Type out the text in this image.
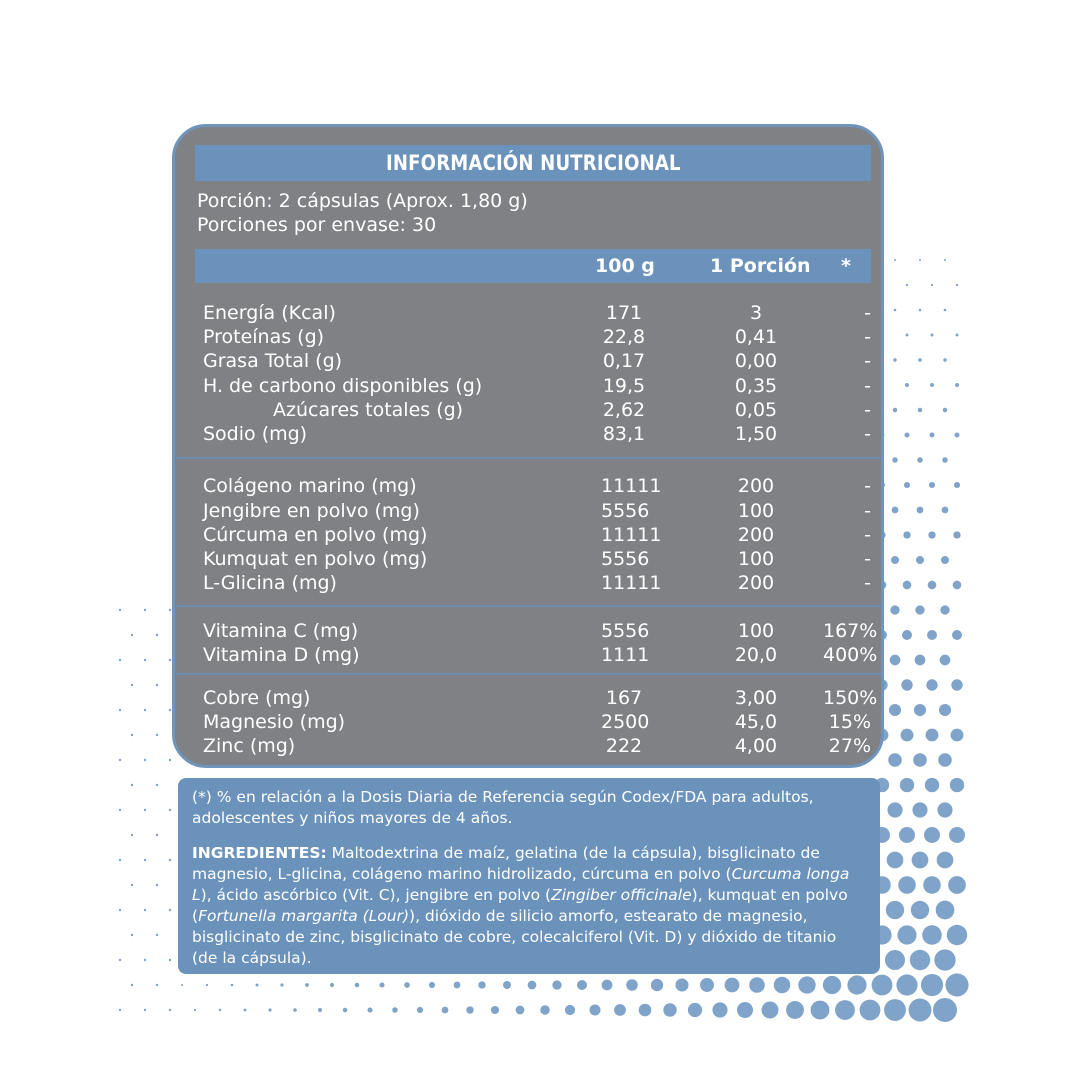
INFORMACIÓN NUTRICIONAL
Porción: 2 cápsulas (Aprox. 1,80 g)
Porciones por envase: 30
100 g	1 Porción *
Energía (Kcal)	171	3	-
Proteínas (g)	22,8	0,41	-
Grasa Total (g)	0,17	0,00	-
H. de carbono disponibles (g)	19,5	0,35	-
Azúcares totales (g)	2,62	0,05	-
Sodio (mg)	83,1	1,50	-
Colágeno marino (mg)	11111	200	-
Jengibre en polvo (mg)	5556	100	-
Cúrcuma en polvo (mg)	11111	200	-
Kumquat en polvo (mg)	5556	100	-
L-Glicina (mg)	11111	200	-
Vitamina C (mg)	5556	100	167%
Vitamina D (mg)	1111	20,0 400%
Cobre (mg)	167	3,00 150%
Magnesio (mg)	2500	45,0	15%
Zinc (mg)	222	4,00	27%

(*) % en relación a la Dosis Diaria de Referencia según Codex/FDA para adultos, adolescentes y niños mayores de 4 años.

INGREDIENTES: Maltodextrina de maíz, gelatina (de la cápsula), bisglicinato de magnesio, L-glicina, colágeno marino hidrolizado, cúrcuma en polvo (Curcuma longa L), ácido ascórbico (Vit. C), jengibre en polvo (Zingiber officinale), kumquat en polvo (Fortunella margarita (Lour)), dióxido de silicio amorfo, estearato de magnesio, bisglicinato de zinc, bisglicinato de cobre, colecalciferol (Vit. D) y dióxido de titanio (de la cápsula).
